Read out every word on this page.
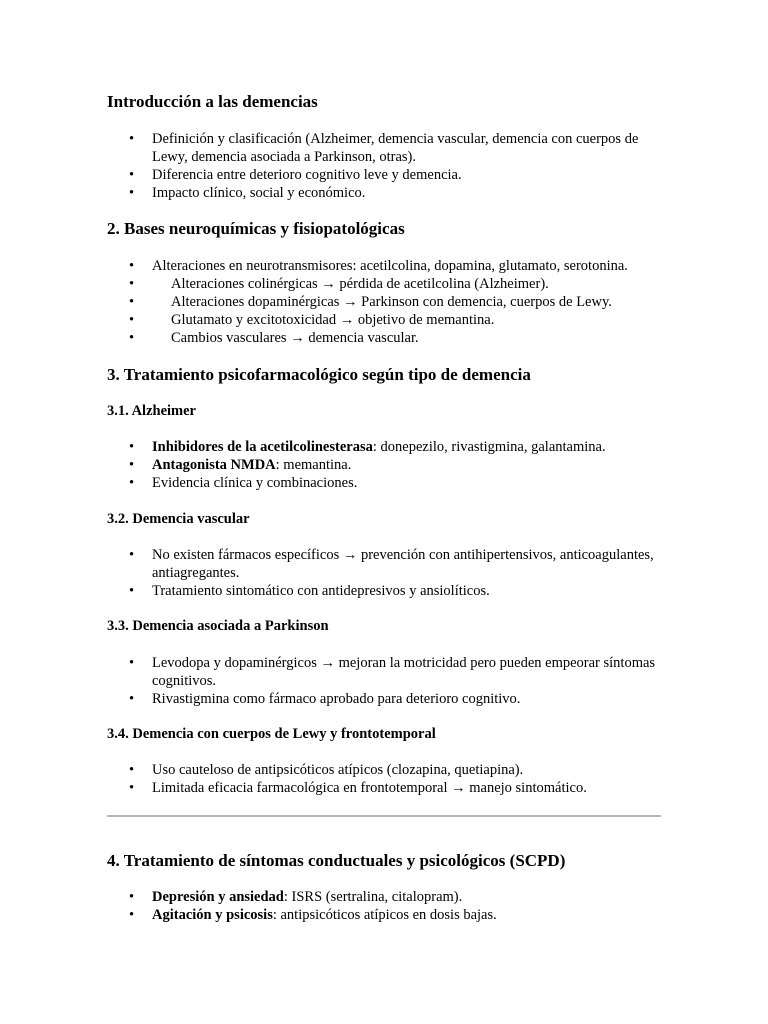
Introducción a las demencias
• Definición y clasificación (Alzheimer, demencia vascular, demencia con cuerpos de Lewy, demencia asociada a Parkinson, otras).
• Diferencia entre deterioro cognitivo leve y demencia.
• Impacto clínico, social y económico.
2. Bases neuroquímicas y fisiopatológicas
• Alteraciones en neurotransmisores: acetilcolina, dopamina, glutamato, serotonina.
•	Alteraciones colinérgicas → pérdida de acetilcolina (Alzheimer).
•	Alteraciones dopaminérgicas → Parkinson con demencia, cuerpos de Lewy.
•	Glutamato y excitotoxicidad → objetivo de memantina.
•	Cambios vasculares → demencia vascular.
3. Tratamiento psicofarmacológico según tipo de demencia
3.1. Alzheimer
• Inhibidores de la acetilcolinesterasa: donepezilo, rivastigmina, galantamina.
• Antagonista NMDA: memantina.
• Evidencia clínica y combinaciones.
3.2. Demencia vascular
• No existen fármacos específicos → prevención con antihipertensivos, anticoagulantes, antiagregantes.
• Tratamiento sintomático con antidepresivos y ansiolíticos.
3.3. Demencia asociada a Parkinson
• Levodopa y dopaminérgicos → mejoran la motricidad pero pueden empeorar síntomas cognitivos.
• Rivastigmina como fármaco aprobado para deterioro cognitivo.
3.4. Demencia con cuerpos de Lewy y frontotemporal
• Uso cauteloso de antipsicóticos atípicos (clozapina, quetiapina).
• Limitada eficacia farmacológica en frontotemporal → manejo sintomático.
4. Tratamiento de síntomas conductuales y psicológicos (SCPD)
• Depresión y ansiedad: ISRS (sertralina, citalopram).
• Agitación y psicosis: antipsicóticos atípicos en dosis bajas.
